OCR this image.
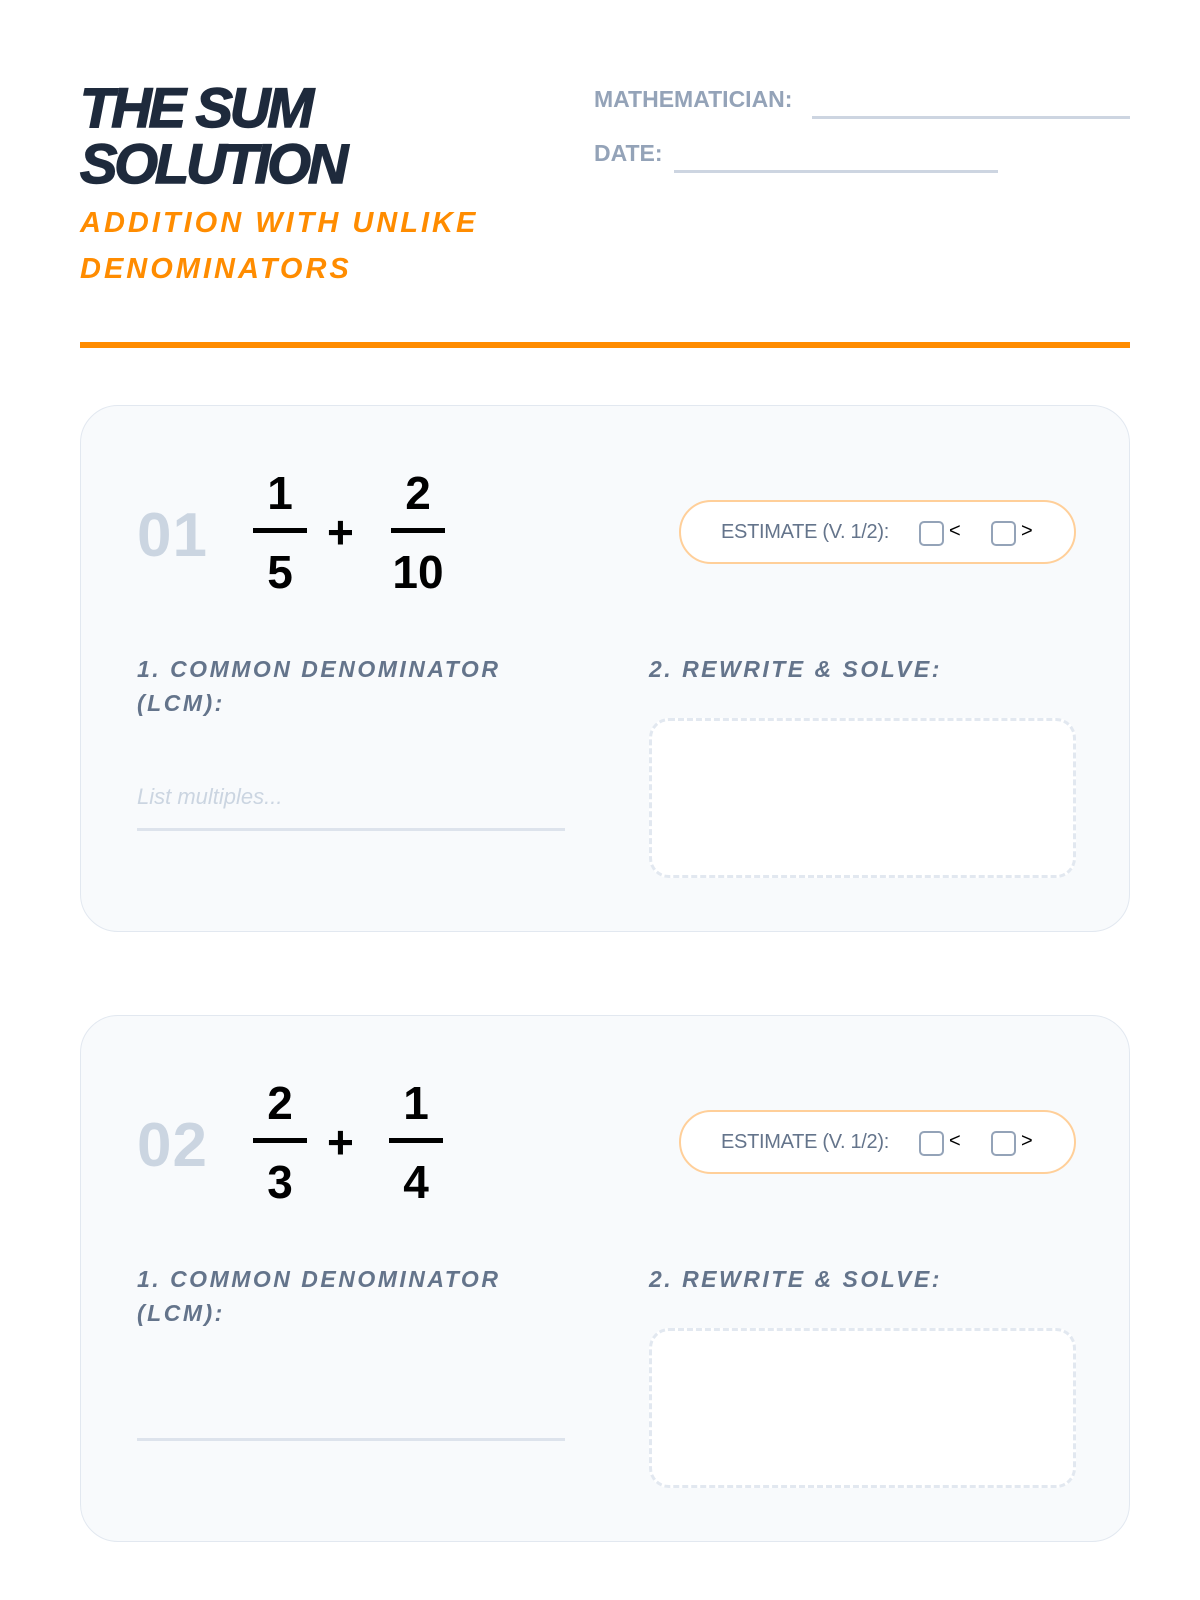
THE SUM
SOLUTION
ADDITION WITH UNLIKE DENOMINATORS
MATHEMATICIAN:
DATE:
01
1
5
+
2
10
ESTIMATE (V. 1/2):	<	>
1. COMMON DENOMINATOR (LCM):
List multiples...
2. REWRITE & SOLVE:
02
2
3
+
1
4
ESTIMATE (V. 1/2):	<	>
1. COMMON DENOMINATOR (LCM):
2. REWRITE & SOLVE:
